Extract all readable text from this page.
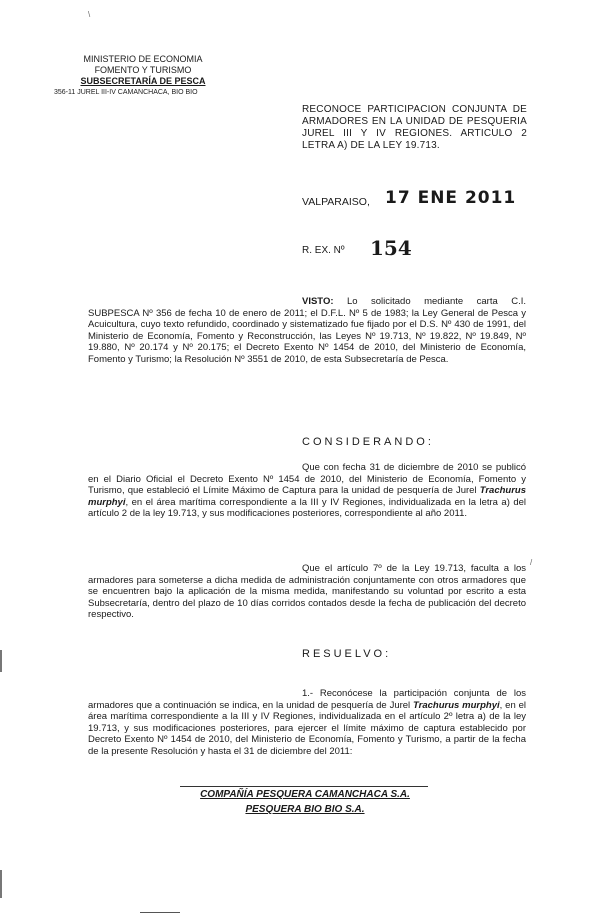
MINISTERIO DE ECONOMIA
FOMENTO Y TURISMO
SUBSECRETARÍA DE PESCA
356-11 JUREL III-IV CAMANCHACA, BIO BIO
RECONOCE PARTICIPACION CONJUNTA DE ARMADORES EN LA UNIDAD DE PESQUERIA JUREL III Y IV REGIONES. ARTICULO 2 LETRA A) DE LA LEY 19.713.
VALPARAISO, 17 ENE 2011
R. EX. Nº 154
VISTO: Lo solicitado mediante carta C.I. SUBPESCA Nº 356 de fecha 10 de enero de 2011; el D.F.L. Nº 5 de 1983; la Ley General de Pesca y Acuicultura, cuyo texto refundido, coordinado y sistematizado fue fijado por el D.S. Nº 430 de 1991, del Ministerio de Economía, Fomento y Reconstrucción, las Leyes Nº 19.713, Nº 19.822, Nº 19.849, Nº 19.880, Nº 20.174 y Nº 20.175; el Decreto Exento Nº 1454 de 2010, del Ministerio de Economía, Fomento y Turismo; la Resolución Nº 3551 de 2010, de esta Subsecretaría de Pesca.
CONSIDERANDO:
Que con fecha 31 de diciembre de 2010 se publicó en el Diario Oficial el Decreto Exento Nº 1454 de 2010, del Ministerio de Economía, Fomento y Turismo, que estableció el Límite Máximo de Captura para la unidad de pesquería de Jurel Trachurus murphyi, en el área marítima correspondiente a la III y IV Regiones, individualizada en la letra a) del artículo 2 de la ley 19.713, y sus modificaciones posteriores, correspondiente al año 2011.
Que el artículo 7º de la Ley 19.713, faculta a los armadores para someterse a dicha medida de administración conjuntamente con otros armadores que se encuentren bajo la aplicación de la misma medida, manifestando su voluntad por escrito a esta Subsecretaría, dentro del plazo de 10 días corridos contados desde la fecha de publicación del decreto respectivo.
RESUELVO:
1.- Reconócese la participación conjunta de los armadores que a continuación se indica, en la unidad de pesquería de Jurel Trachurus murphyi, en el área marítima correspondiente a la III y IV Regiones, individualizada en el artículo 2º letra a) de la ley 19.713, y sus modificaciones posteriores, para ejercer el límite máximo de captura establecido por Decreto Exento Nº 1454 de 2010, del Ministerio de Economía, Fomento y Turismo, a partir de la fecha de la presente Resolución y hasta el 31 de diciembre del 2011:
COMPAÑÍA PESQUERA CAMANCHACA S.A.
PESQUERA BIO BIO S.A.
/
\
